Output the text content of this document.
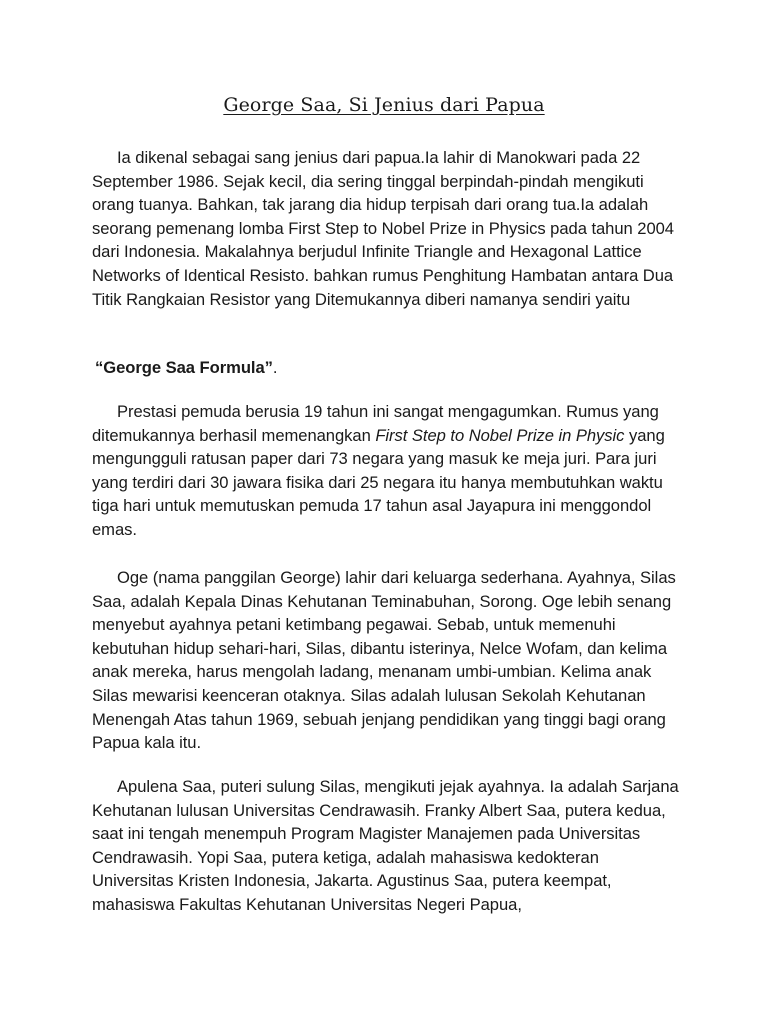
George Saa, Si Jenius dari Papua

Ia dikenal sebagai sang jenius dari papua.Ia lahir di Manokwari pada 22 September 1986. Sejak kecil, dia sering tinggal berpindah-pindah mengikuti orang tuanya. Bahkan, tak jarang dia hidup terpisah dari orang tua.Ia adalah seorang pemenang lomba First Step to Nobel Prize in Physics pada tahun 2004 dari Indonesia. Makalahnya berjudul Infinite Triangle and Hexagonal Lattice Networks of Identical Resisto. bahkan rumus Penghitung Hambatan antara Dua Titik Rangkaian Resistor yang Ditemukannya diberi namanya sendiri yaitu

“George Saa Formula”.

Prestasi pemuda berusia 19 tahun ini sangat mengagumkan. Rumus yang ditemukannya berhasil memenangkan First Step to Nobel Prize in Physic yang mengungguli ratusan paper dari 73 negara yang masuk ke meja juri. Para juri yang terdiri dari 30 jawara fisika dari 25 negara itu hanya membutuhkan waktu tiga hari untuk memutuskan pemuda 17 tahun asal Jayapura ini menggondol emas.

Oge (nama panggilan George) lahir dari keluarga sederhana. Ayahnya, Silas Saa, adalah Kepala Dinas Kehutanan Teminabuhan, Sorong. Oge lebih senang menyebut ayahnya petani ketimbang pegawai. Sebab, untuk memenuhi kebutuhan hidup sehari-hari, Silas, dibantu isterinya, Nelce Wofam, dan kelima anak mereka, harus mengolah ladang, menanam umbi-umbian. Kelima anak Silas mewarisi keenceran otaknya. Silas adalah lulusan Sekolah Kehutanan Menengah Atas tahun 1969, sebuah jenjang pendidikan yang tinggi bagi orang Papua kala itu.

Apulena Saa, puteri sulung Silas, mengikuti jejak ayahnya. Ia adalah Sarjana Kehutanan lulusan Universitas Cendrawasih. Franky Albert Saa, putera kedua, saat ini tengah menempuh Program Magister Manajemen pada Universitas Cendrawasih. Yopi Saa, putera ketiga, adalah mahasiswa kedokteran Universitas Kristen Indonesia, Jakarta. Agustinus Saa, putera keempat, mahasiswa Fakultas Kehutanan Universitas Negeri Papua,
